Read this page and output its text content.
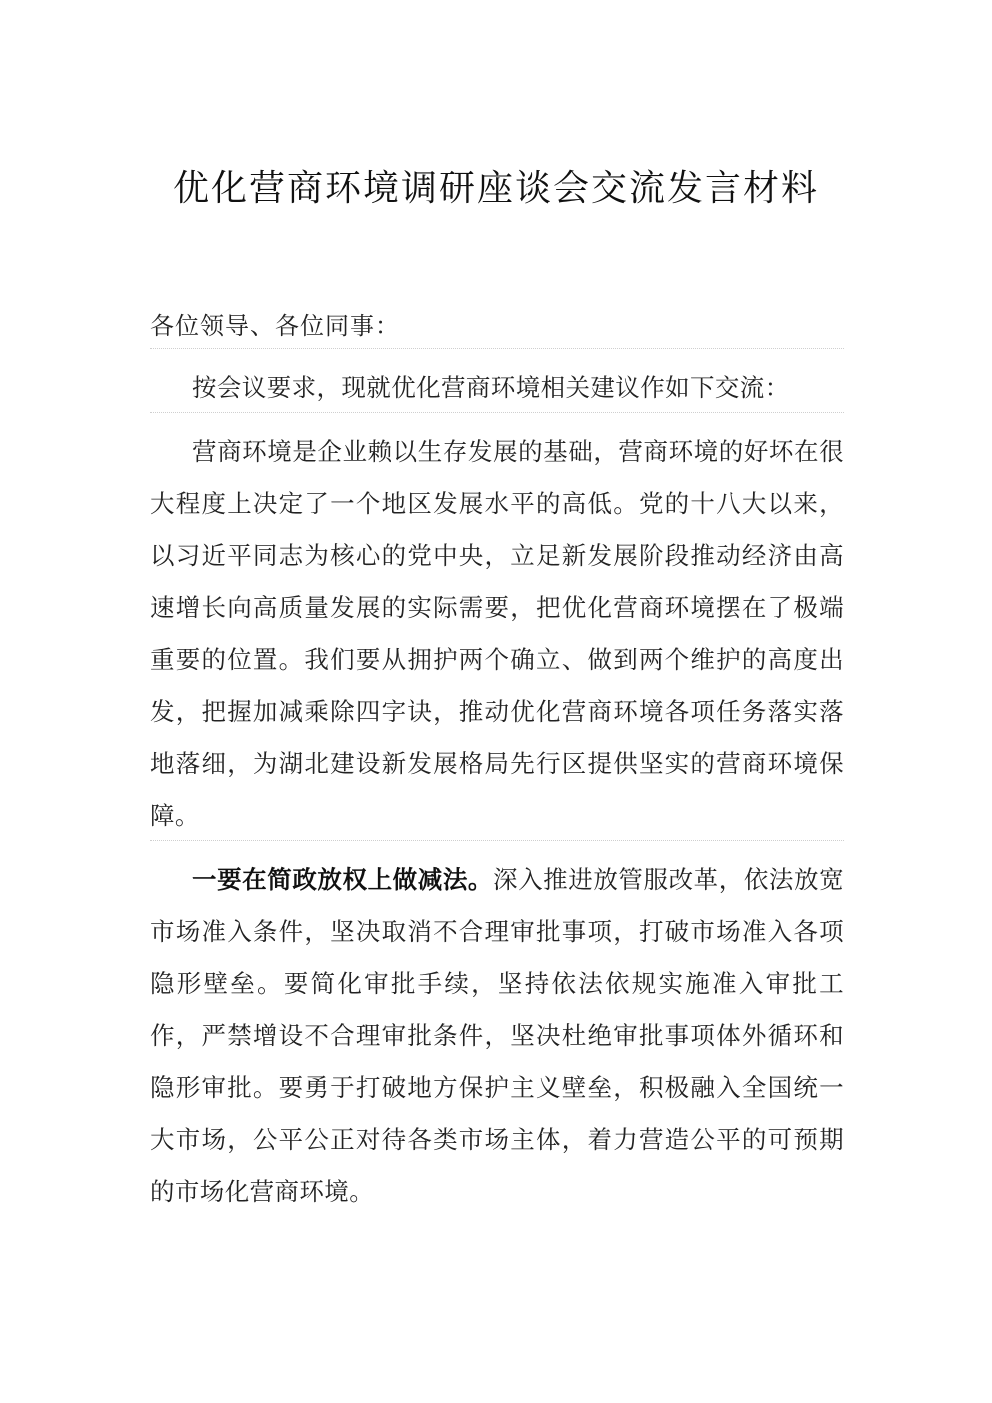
优化营商环境调研座谈会交流发言材料
各位领导、各位同事：
按会议要求，现就优化营商环境相关建议作如下交流：
营商环境是企业赖以生存发展的基础，营商环境的好坏在很大程度上决定了一个地区发展水平的高低。党的十八大以来，以习近平同志为核心的党中央，立足新发展阶段推动经济由高速增长向高质量发展的实际需要，把优化营商环境摆在了极端重要的位置。我们要从拥护两个确立、做到两个维护的高度出发，把握加减乘除四字诀，推动优化营商环境各项任务落实落地落细，为湖北建设新发展格局先行区提供坚实的营商环境保障。
一要在简政放权上做减法。深入推进放管服改革，依法放宽市场准入条件，坚决取消不合理审批事项，打破市场准入各项隐形壁垒。要简化审批手续，坚持依法依规实施准入审批工作，严禁增设不合理审批条件，坚决杜绝审批事项体外循环和隐形审批。要勇于打破地方保护主义壁垒，积极融入全国统一大市场，公平公正对待各类市场主体，着力营造公平的可预期的市场化营商环境。
